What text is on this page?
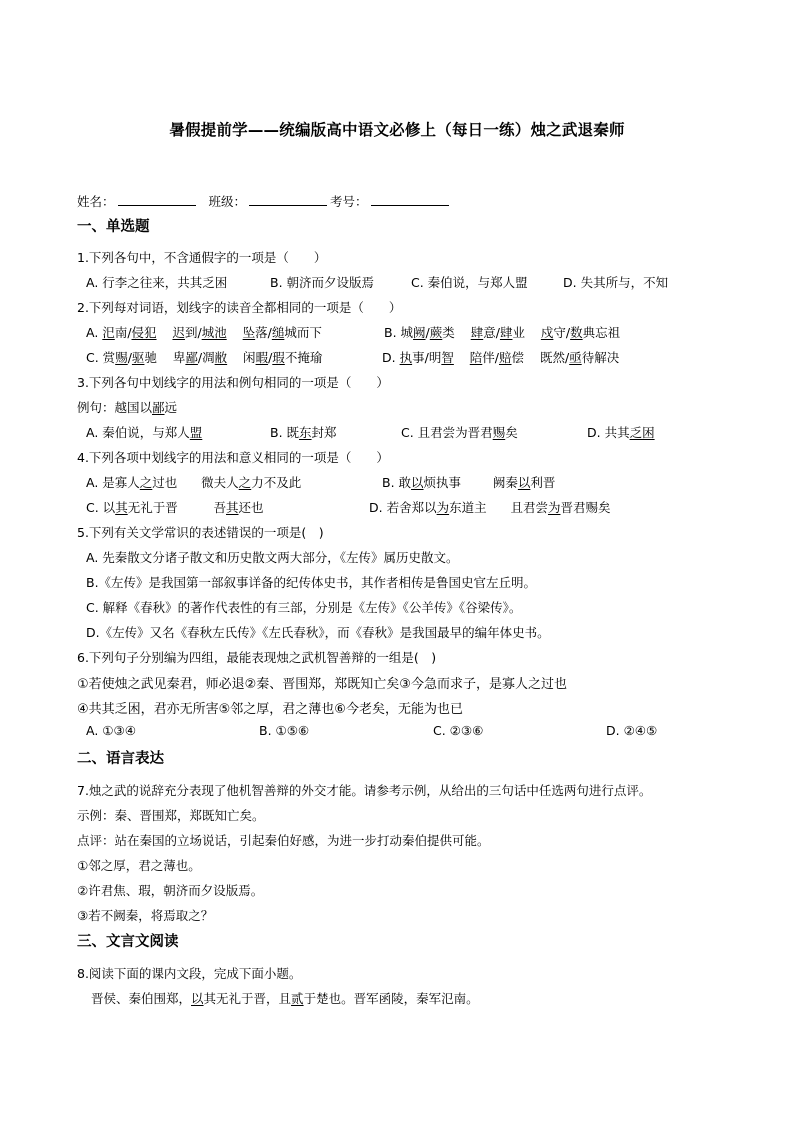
暑假提前学——统编版高中语文必修上（每日一练）烛之武退秦师
姓名：	班级：	考号：
一、单选题
1.下列各句中，不含通假字的一项是（　　）
A. 行李之往来，共其乏困	B. 朝济而夕设版焉	C. 秦伯说，与郑人盟	D. 失其所与，不知
2.下列每对词语，划线字的读音全都相同的一项是（　　）
A. 汜南/侵犯 迟到/城池 坠落/缒城而下	B. 城阙/蕨类 肆意/肆业 戍守/数典忘祖
C. 赏赐/驱驰 卑鄙/凋敝 闲暇/瑕不掩瑜	D. 执事/明智 陪伴/赔偿 既然/亟待解决
3.下列各句中划线字的用法和例句相同的一项是（　　）
例句：越国以鄙远
A. 秦伯说，与郑人盟	B. 既东封郑	C. 且君尝为晋君赐矣	D. 共其乏困
4.下列各项中划线字的用法和意义相同的一项是（　　）
A. 是寡人之过也 微夫人之力不及此	B. 敢以烦执事	阙秦以利晋
C. 以其无礼于晋	吾其还也	D. 若舍郑以为东道主 且君尝为晋君赐矣
5.下列有关文学常识的表述错误的一项是(　)
A. 先秦散文分诸子散文和历史散文两大部分，《左传》属历史散文。
B.《左传》是我国第一部叙事详备的纪传体史书，其作者相传是鲁国史官左丘明。
C. 解释《春秋》的著作代表性的有三部，分别是《左传》《公羊传》《谷梁传》。
D.《左传》又名《春秋左氏传》《左氏春秋》，而《春秋》是我国最早的编年体史书。
6.下列句子分别编为四组，最能表现烛之武机智善辩的一组是(　)
①若使烛之武见秦君，师必退②秦、晋围郑，郑既知亡矣③今急而求子，是寡人之过也
④共其乏困，君亦无所害⑤邻之厚，君之薄也⑥今老矣，无能为也已
A. ①③④	B. ①⑤⑥	C. ②③⑥	D. ②④⑤
二、语言表达
7.烛之武的说辞充分表现了他机智善辩的外交才能。请参考示例，从给出的三句话中任选两句进行点评。
示例：秦、晋围郑，郑既知亡矣。
点评：站在秦国的立场说话，引起秦伯好感，为进一步打动秦伯提供可能。
①邻之厚，君之薄也。
②许君焦、瑕，朝济而夕设版焉。
③若不阙秦，将焉取之？
三、文言文阅读
8.阅读下面的课内文段，完成下面小题。
晋侯、秦伯围郑，以其无礼于晋，且贰于楚也。晋军函陵，秦军氾南。
